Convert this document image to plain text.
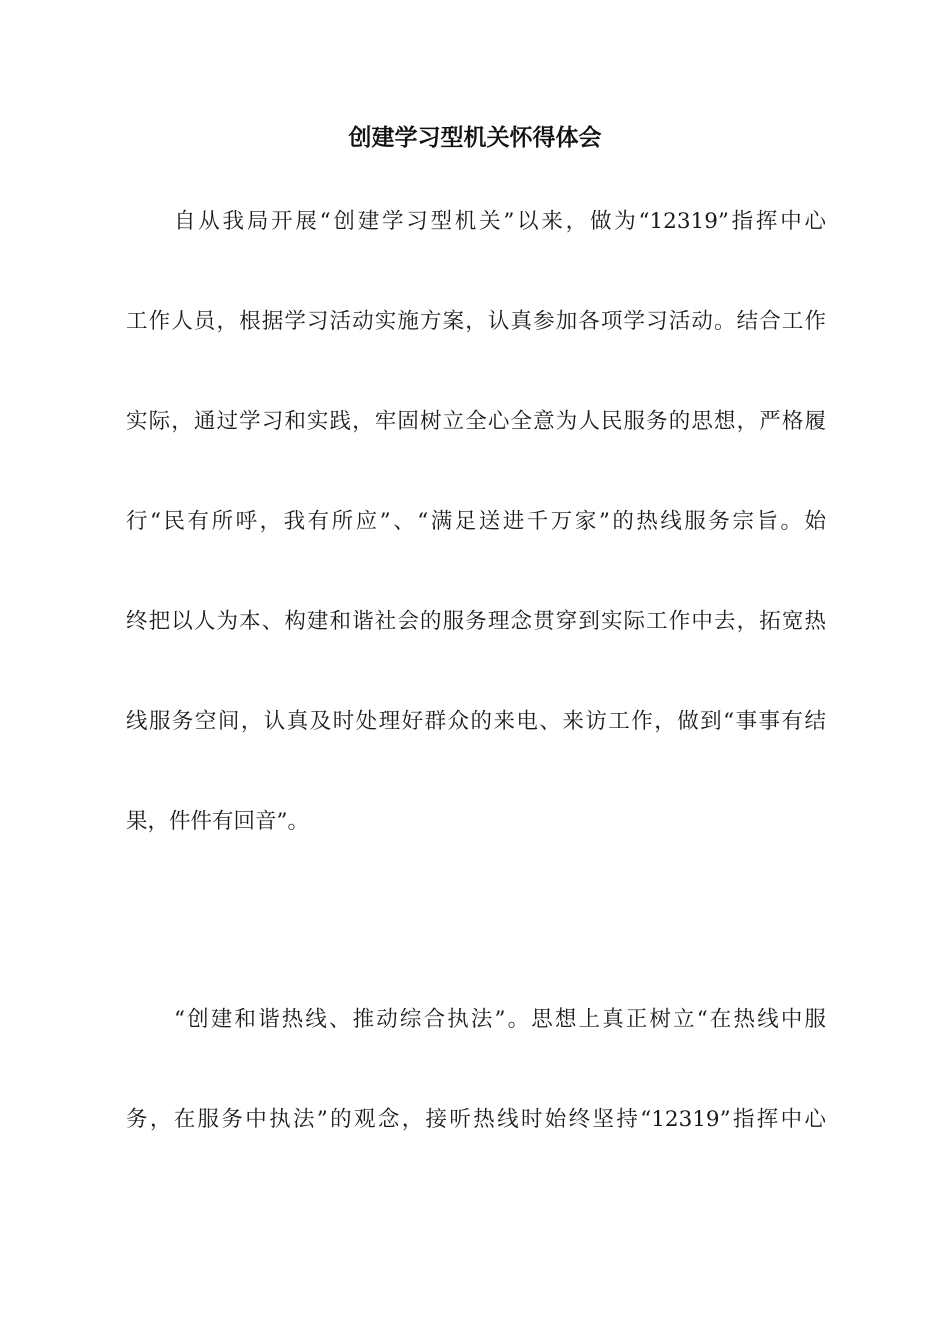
创建学习型机关怀得体会

自从我局开展“创建学习型机关”以来，做为“12319”指挥中心

工作人员，根据学习活动实施方案，认真参加各项学习活动。结合工作

实际，通过学习和实践，牢固树立全心全意为人民服务的思想，严格履

行“民有所呼，我有所应”、“满足送进千万家”的热线服务宗旨。始

终把以人为本、构建和谐社会的服务理念贯穿到实际工作中去，拓宽热

线服务空间，认真及时处理好群众的来电、来访工作，做到“事事有结

果，件件有回音”。

“创建和谐热线、推动综合执法”。思想上真正树立“在热线中服

务，在服务中执法”的观念，接听热线时始终坚持“12319”指挥中心
